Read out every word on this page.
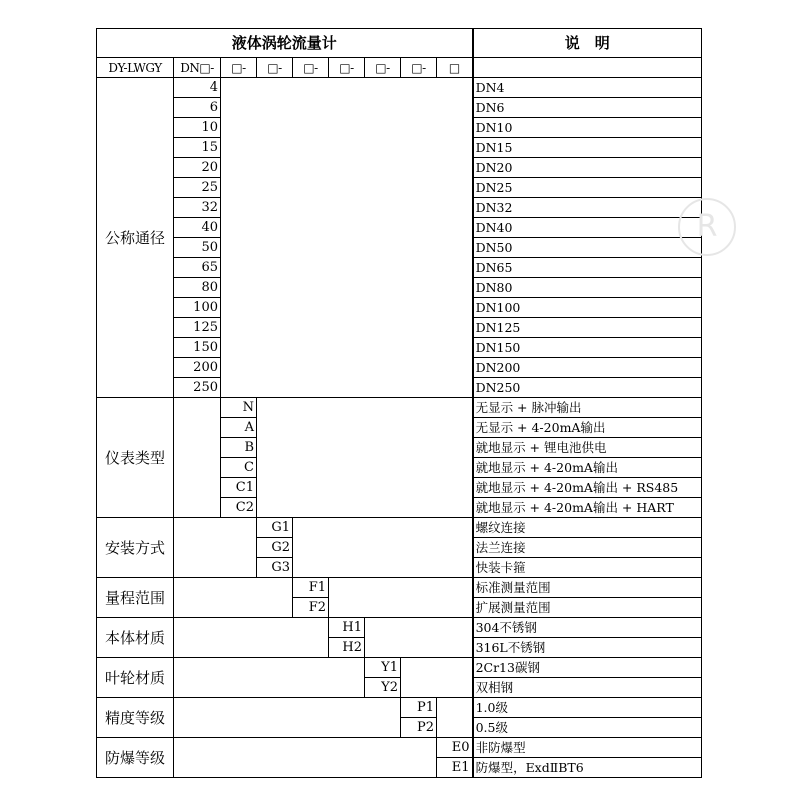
液体涡轮流量计									说　明
DY-LWGY	DN□-	□-	□-	□-	□-	□-	□-	□	
公称通径	4								DN4
	6								DN6
	10								DN10
	15								DN15
	20								DN20
	25								DN25
	32								DN32
	40								DN40
	50								DN50
	65								DN65
	80								DN80
	100								DN100
	125								DN125
	150								DN150
	200								DN200
	250								DN250
仪表类型		N							无显示 + 脉冲输出
		A							无显示 + 4-20mA输出
		B							就地显示 + 锂电池供电
		C							就地显示 + 4-20mA输出
		C1							就地显示 + 4-20mA输出 + RS485
		C2							就地显示 + 4-20mA输出 + HART
安装方式			G1						螺纹连接
			G2						法兰连接
			G3						快装卡箍
量程范围				F1					标准测量范围
				F2					扩展测量范围
本体材质					H1				304不锈钢
					H2				316L不锈钢
叶轮材质						Y1			2Cr13碳钢
						Y2			双相钢
精度等级							P1		1.0级
							P2		0.5级
防爆等级								E0	非防爆型
								E1	防爆型，ExdⅡBT6
R
